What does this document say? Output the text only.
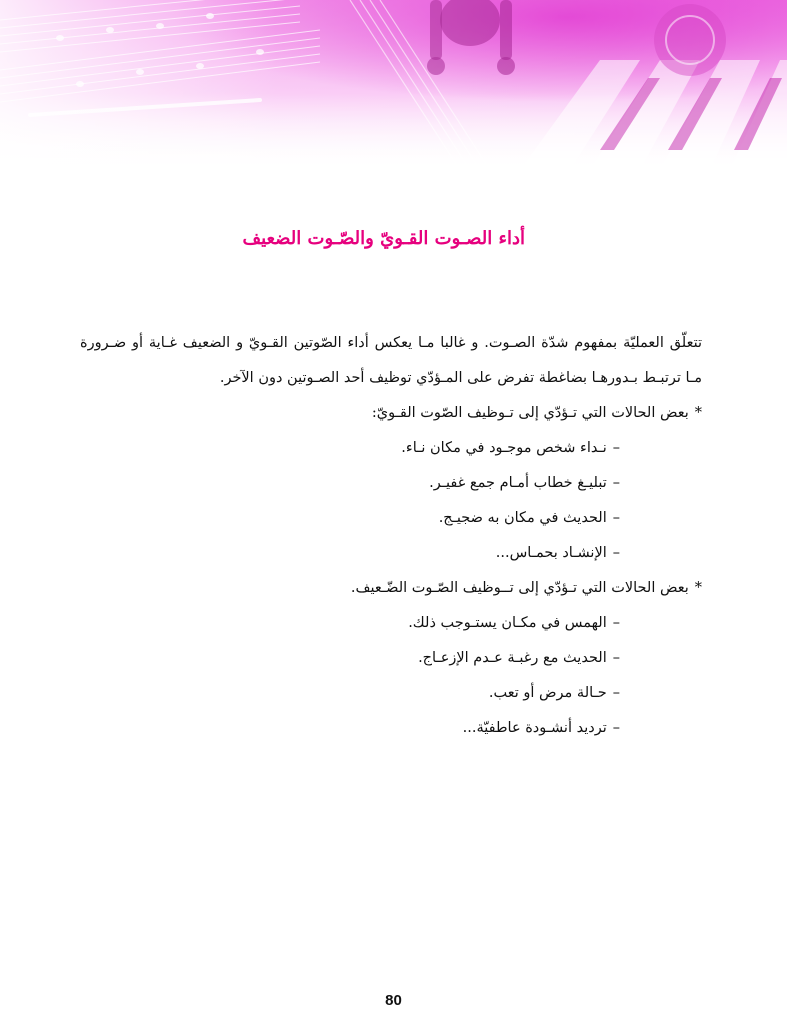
أداء الصـوت القـويّ والصّـوت الضعيف

تتعلّق العمليّة بمفهوم شدّة الصـوت. و غالبا مـا يعكس أداء الصّوتين القـويّ و الضعيف غـاية أو ضـرورة مـا ترتبـط بـدورهـا بضاغطة تفرض على المـؤدّي توظيف أحد الصـوتين دون الآخر.

*بعض الحالات التي تـؤدّي إلى تـوظيف الصّوت القـويّ:

–نـداء شخص موجـود في مكان نـاء.
–تبليـغ خطاب أمـام جمع غفيـر.
–الحديث في مكان به ضجيـج.
–الإنشـاد بحمـاس...

*بعض الحالات التي تـؤدّي إلى تــوظيف الصّـوت الضّـعيف.

–الهمس في مكـان يستـوجب ذلك.
–الحديث مع رغبـة عـدم الإزعـاج.
–حـالة مرض أو تعب.
–ترديد أنشـودة عاطفيّة...
80
